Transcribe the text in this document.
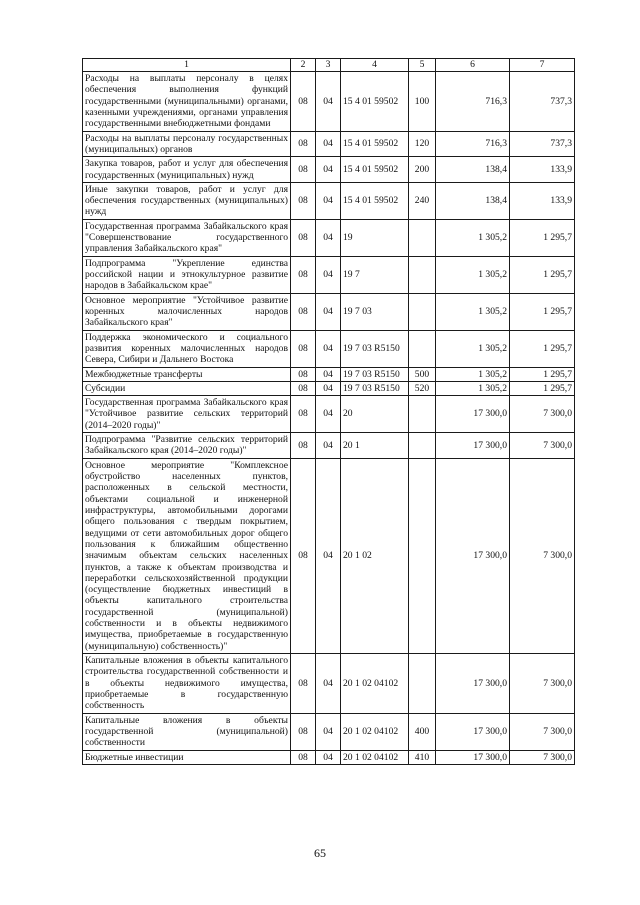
1	2	3	4	5	6	7
Расходы на выплаты персоналу в целях обеспечения выполнения функций государственными (муниципальными) органами, казенными учреждениями, органами управления государственными внебюджетными фондами	08	04	15 4 01 59502	100	716,3	737,3
Расходы на выплаты персоналу государственных (муниципальных) органов	08	04	15 4 01 59502	120	716,3	737,3
Закупка товаров, работ и услуг для обеспечения государственных (муниципальных) нужд	08	04	15 4 01 59502	200	138,4	133,9
Иные закупки товаров, работ и услуг для обеспечения государственных (муниципальных) нужд	08	04	15 4 01 59502	240	138,4	133,9
Государственная программа Забайкальского края "Совершенствование государственного управления Забайкальского края"	08	04	19		1 305,2	1 295,7
Подпрограмма "Укрепление единства российской нации и этнокультурное развитие народов в Забайкальском крае"	08	04	19 7		1 305,2	1 295,7
Основное мероприятие "Устойчивое развитие коренных малочисленных народов Забайкальского края"	08	04	19 7 03		1 305,2	1 295,7
Поддержка экономического и социального развития коренных малочисленных народов Севера, Сибири и Дальнего Востока	08	04	19 7 03 R5150		1 305,2	1 295,7
Межбюджетные трансферты	08	04	19 7 03 R5150	500	1 305,2	1 295,7
Субсидии	08	04	19 7 03 R5150	520	1 305,2	1 295,7
Государственная программа Забайкальского края "Устойчивое развитие сельских территорий (2014–2020 годы)"	08	04	20		17 300,0	7 300,0
Подпрограмма "Развитие сельских территорий Забайкальского края (2014–2020 годы)"	08	04	20 1		17 300,0	7 300,0
Основное мероприятие "Комплексное обустройство населенных пунктов, расположенных в сельской местности, объектами социальной и инженерной инфраструктуры, автомобильными дорогами общего пользования с твердым покрытием, ведущими от сети автомобильных дорог общего пользования к ближайшим общественно значимым объектам сельских населенных пунктов, а также к объектам производства и переработки сельскохозяйственной продукции (осуществление бюджетных инвестиций в объекты капитального строительства государственной (муниципальной) собственности и в объекты недвижимого имущества, приобретаемые в государственную (муниципальную) собственность)"	08	04	20 1 02		17 300,0	7 300,0
Капитальные вложения в объекты капитального строительства государственной собственности и в объекты недвижимого имущества, приобретаемые в государственную собственность	08	04	20 1 02 04102		17 300,0	7 300,0
Капитальные вложения в объекты государственной (муниципальной) собственности	08	04	20 1 02 04102	400	17 300,0	7 300,0
Бюджетные инвестиции	08	04	20 1 02 04102	410	17 300,0	7 300,0
65
